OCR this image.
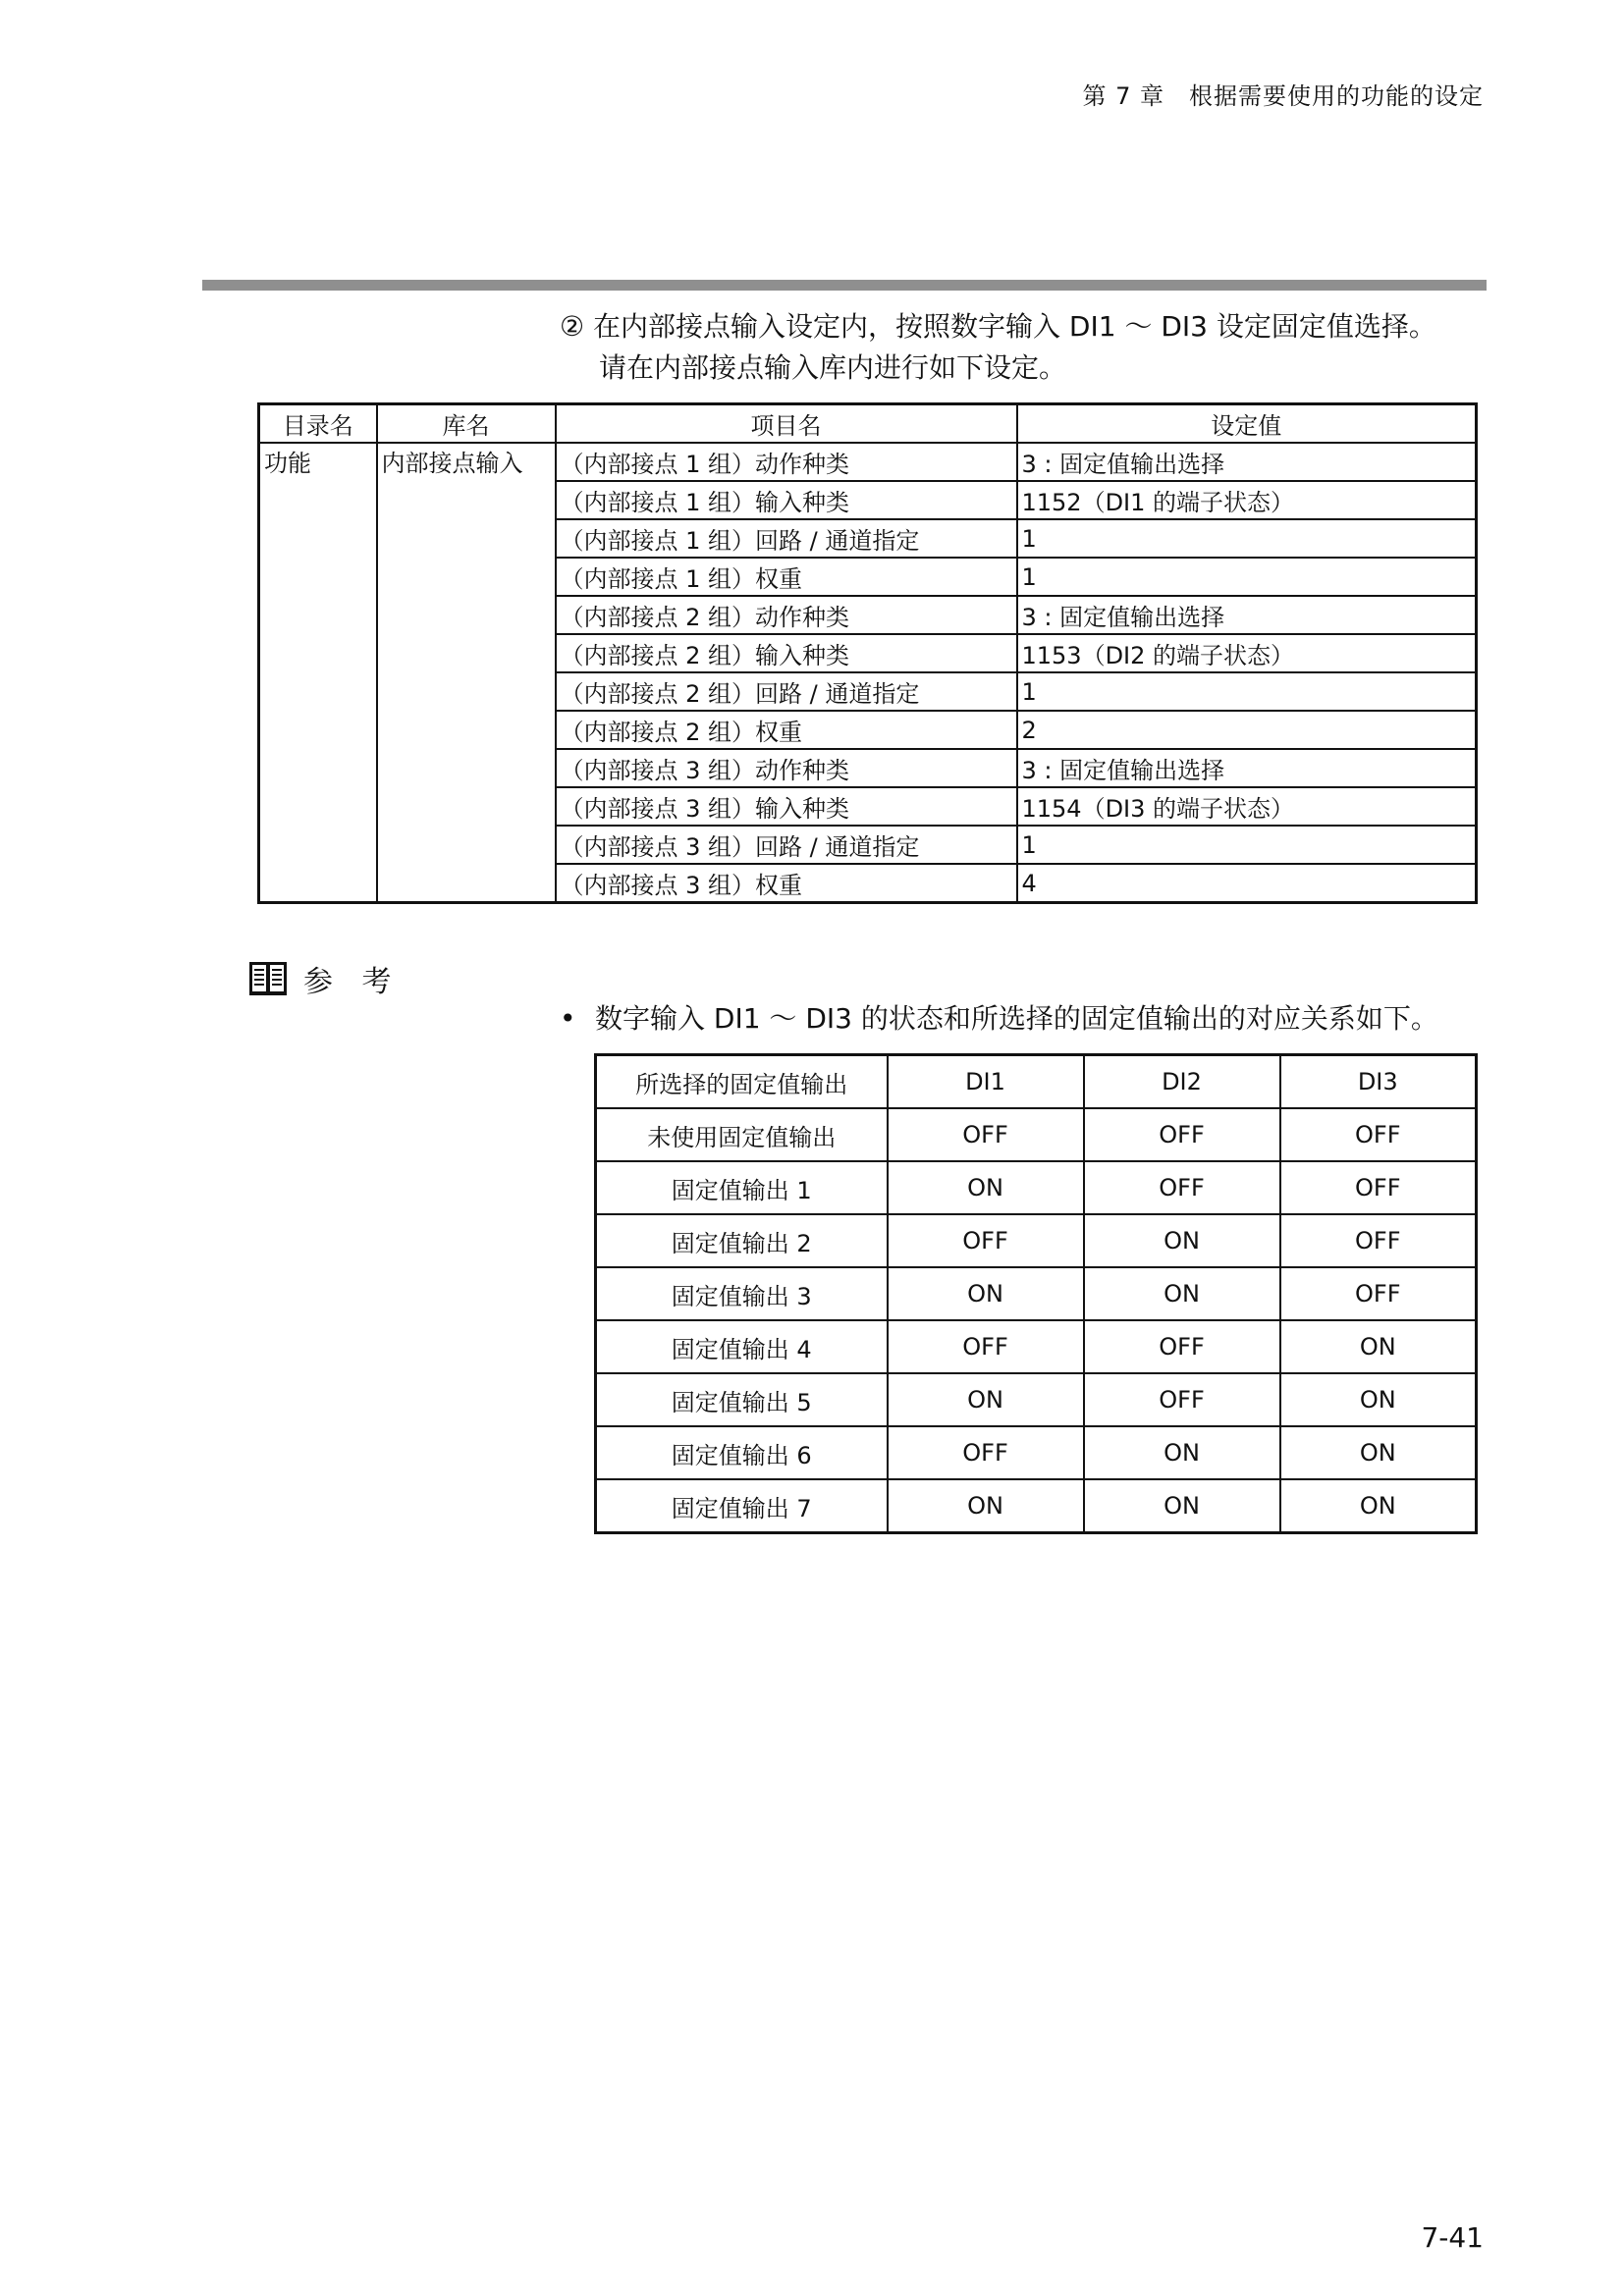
第 7 章　根据需要使用的功能的设定
② 在内部接点输入设定内，按照数字输入 DI1 ～ DI3 设定固定值选择。
请在内部接点输入库内进行如下设定。
目录名	库名	项目名	设定值
功能	内部接点输入	（内部接点 1 组）动作种类	3 : 固定值输出选择
		（内部接点 1 组）输入种类	1152（DI1 的端子状态）
		（内部接点 1 组）回路 / 通道指定	1
		（内部接点 1 组）权重	1
		（内部接点 2 组）动作种类	3 : 固定值输出选择
		（内部接点 2 组）输入种类	1153（DI2 的端子状态）
		（内部接点 2 组）回路 / 通道指定	1
		（内部接点 2 组）权重	2
		（内部接点 3 组）动作种类	3 : 固定值输出选择
		（内部接点 3 组）输入种类	1154（DI3 的端子状态）
		（内部接点 3 组）回路 / 通道指定	1
		（内部接点 3 组）权重	4
参 考
• 数字输入 DI1 ～ DI3 的状态和所选择的固定值输出的对应关系如下。
所选择的固定值输出	DI1	DI2	DI3
未使用固定值输出	OFF	OFF	OFF
固定值输出 1	ON	OFF	OFF
固定值输出 2	OFF	ON	OFF
固定值输出 3	ON	ON	OFF
固定值输出 4	OFF	OFF	ON
固定值输出 5	ON	OFF	ON
固定值输出 6	OFF	ON	ON
固定值输出 7	ON	ON	ON
7-41
